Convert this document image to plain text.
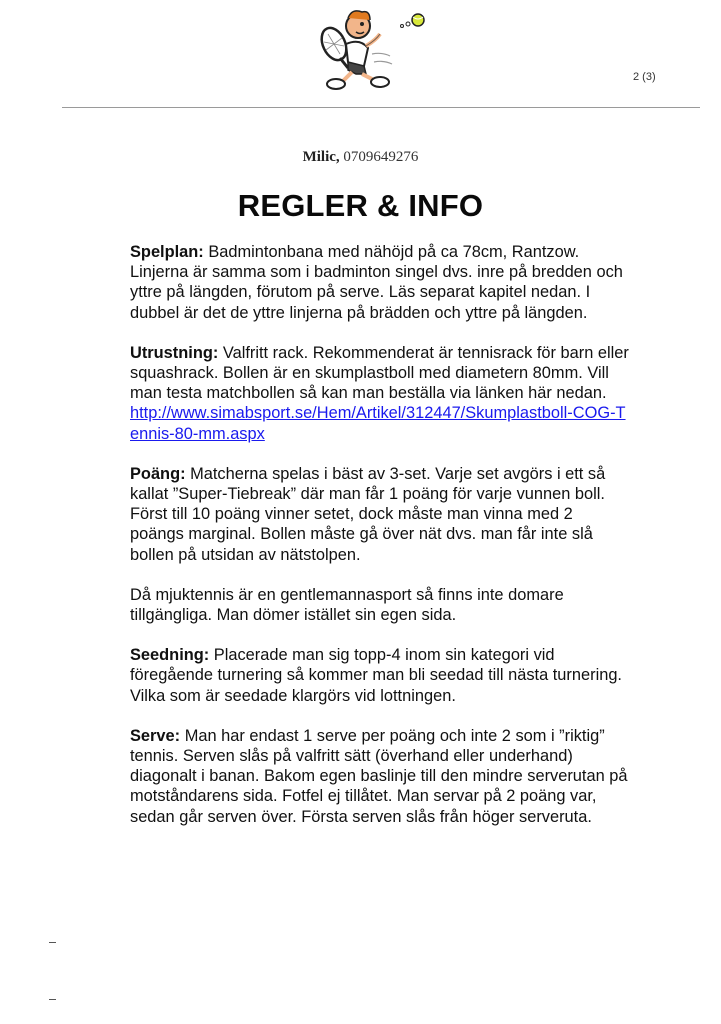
2 (3)
Milic, 0709649276
REGLER & INFO

Spelplan: Badmintonbana med nähöjd på ca 78cm, Rantzow. Linjerna är samma som i badminton singel dvs. inre på bredden och yttre på längden, förutom på serve. Läs separat kapitel nedan. I dubbel är det de yttre linjerna på brädden och yttre på längden.

Utrustning: Valfritt rack. Rekommenderat är tennisrack för barn eller squashrack. Bollen är en skumplastboll med diametern 80mm. Vill man testa matchbollen så kan man beställa via länken här nedan.
http://www.simabsport.se/Hem/Artikel/312447/Skumplastboll-COG-Tennis-80-mm.aspx

Poäng: Matcherna spelas i bäst av 3-set. Varje set avgörs i ett så kallat ”Super-Tiebreak” där man får 1 poäng för varje vunnen boll. Först till 10 poäng vinner setet, dock måste man vinna med 2 poängs marginal. Bollen måste gå över nät dvs. man får inte slå bollen på utsidan av nätstolpen.

Då mjuktennis är en gentlemannasport så finns inte domare tillgängliga. Man dömer istället sin egen sida.

Seedning: Placerade man sig topp-4 inom sin kategori vid föregående turnering så kommer man bli seedad till nästa turnering. Vilka som är seedade klargörs vid lottningen.

Serve: Man har endast 1 serve per poäng och inte 2 som i ”riktig” tennis. Serven slås på valfritt sätt (överhand eller underhand) diagonalt i banan. Bakom egen baslinje till den mindre serverutan på motståndarens sida. Fotfel ej tillåtet. Man servar på 2 poäng var, sedan går serven över. Första serven slås från höger serveruta.
